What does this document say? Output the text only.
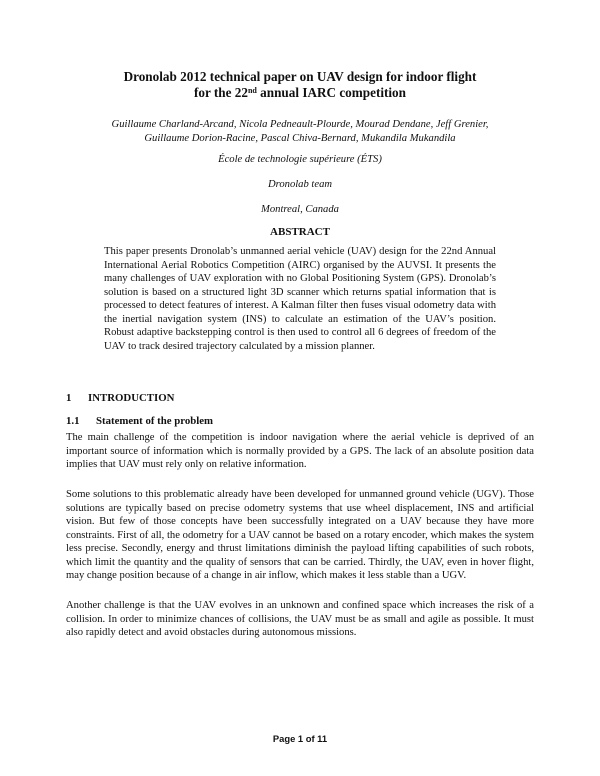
Dronolab 2012 technical paper on UAV design for indoor flight
for the 22nd annual IARC competition
Guillaume Charland-Arcand, Nicola Pedneault-Plourde, Mourad Dendane, Jeff Grenier,
Guillaume Dorion-Racine, Pascal Chiva-Bernard, Mukandila Mukandila
École de technologie supérieure (ÉTS)
Dronolab team
Montreal, Canada
ABSTRACT
This paper presents Dronolab’s unmanned aerial vehicle (UAV) design for the 22nd Annual International Aerial Robotics Competition (AIRC) organised by the AUVSI. It presents the many challenges of UAV exploration with no Global Positioning System (GPS). Dronolab’s solution is based on a structured light 3D scanner which returns spatial information that is processed to detect features of interest. A Kalman filter then fuses visual odometry data with the inertial navigation system (INS) to calculate an estimation of the UAV’s position. Robust adaptive backstepping control is then used to control all 6 degrees of freedom of the UAV to track desired trajectory calculated by a mission planner.
1 INTRODUCTION
1.1 Statement of the problem
The main challenge of the competition is indoor navigation where the aerial vehicle is deprived of an important source of information which is normally provided by a GPS. The lack of an absolute position data implies that UAV must rely only on relative information.
Some solutions to this problematic already have been developed for unmanned ground vehicle (UGV). Those solutions are typically based on precise odometry systems that use wheel displacement, INS and artificial vision. But few of those concepts have been successfully integrated on a UAV because they have more constraints. First of all, the odometry for a UAV cannot be based on a rotary encoder, which makes the system less precise. Secondly, energy and thrust limitations diminish the payload lifting capabilities of such robots, which limit the quantity and the quality of sensors that can be carried. Thirdly, the UAV, even in hover flight, may change position because of a change in air inflow, which makes it less stable than a UGV.
Another challenge is that the UAV evolves in an unknown and confined space which increases the risk of a collision. In order to minimize chances of collisions, the UAV must be as small and agile as possible. It must also rapidly detect and avoid obstacles during autonomous missions.
Page 1 of 11
